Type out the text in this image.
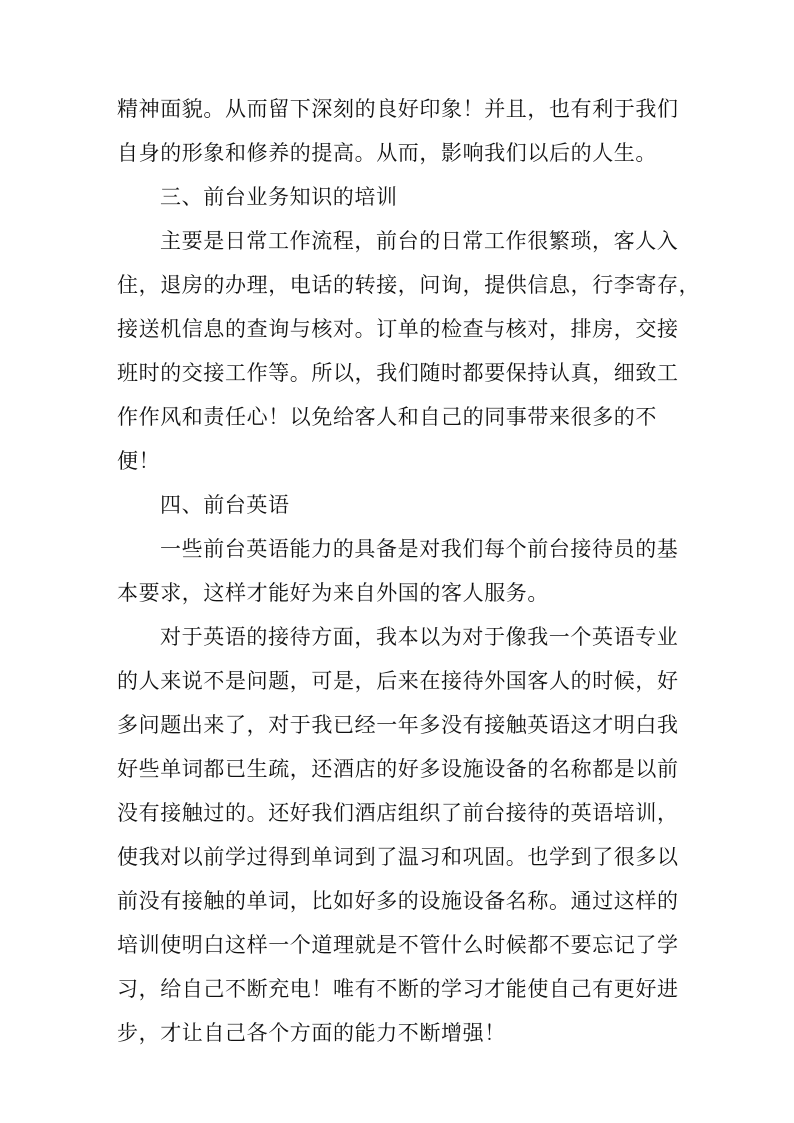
精神面貌。从而留下深刻的良好印象！并且，也有利于我们
自身的形象和修养的提高。从而，影响我们以后的人生。
三、前台业务知识的培训
主要是日常工作流程，前台的日常工作很繁琐，客人入
住，退房的办理，电话的转接，问询，提供信息，行李寄存，
接送机信息的查询与核对。订单的检查与核对，排房，交接
班时的交接工作等。所以，我们随时都要保持认真，细致工
作作风和责任心！以免给客人和自己的同事带来很多的不
便！
四、前台英语
一些前台英语能力的具备是对我们每个前台接待员的基
本要求，这样才能好为来自外国的客人服务。
对于英语的接待方面，我本以为对于像我一个英语专业
的人来说不是问题，可是，后来在接待外国客人的时候，好
多问题出来了，对于我已经一年多没有接触英语这才明白我
好些单词都已生疏，还酒店的好多设施设备的名称都是以前
没有接触过的。还好我们酒店组织了前台接待的英语培训，
使我对以前学过得到单词到了温习和巩固。也学到了很多以
前没有接触的单词，比如好多的设施设备名称。通过这样的
培训使明白这样一个道理就是不管什么时候都不要忘记了学
习，给自己不断充电！唯有不断的学习才能使自己有更好进
步，才让自己各个方面的能力不断增强！
